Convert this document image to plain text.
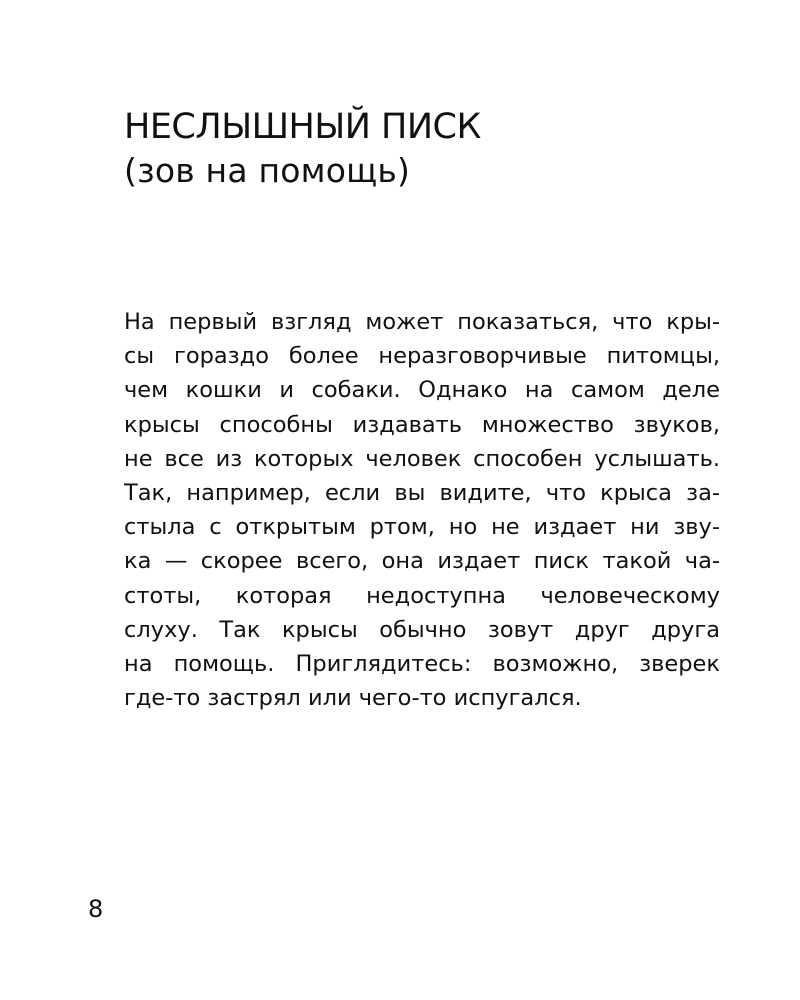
НЕСЛЫШНЫЙ ПИСК
(зов на помощь)
На первый взгляд может показаться, что кры-
сы гораздо более неразговорчивые питомцы,
чем кошки и собаки. Однако на самом деле
крысы способны издавать множество звуков,
не все из которых человек способен услышать.
Так, например, если вы видите, что крыса за-
стыла с открытым ртом, но не издает ни зву-
ка — скорее всего, она издает писк такой ча-
стоты, которая недоступна человеческому
слуху. Так крысы обычно зовут друг друга
на помощь. Приглядитесь: возможно, зверек
где-то застрял или чего-то испугался.
8
